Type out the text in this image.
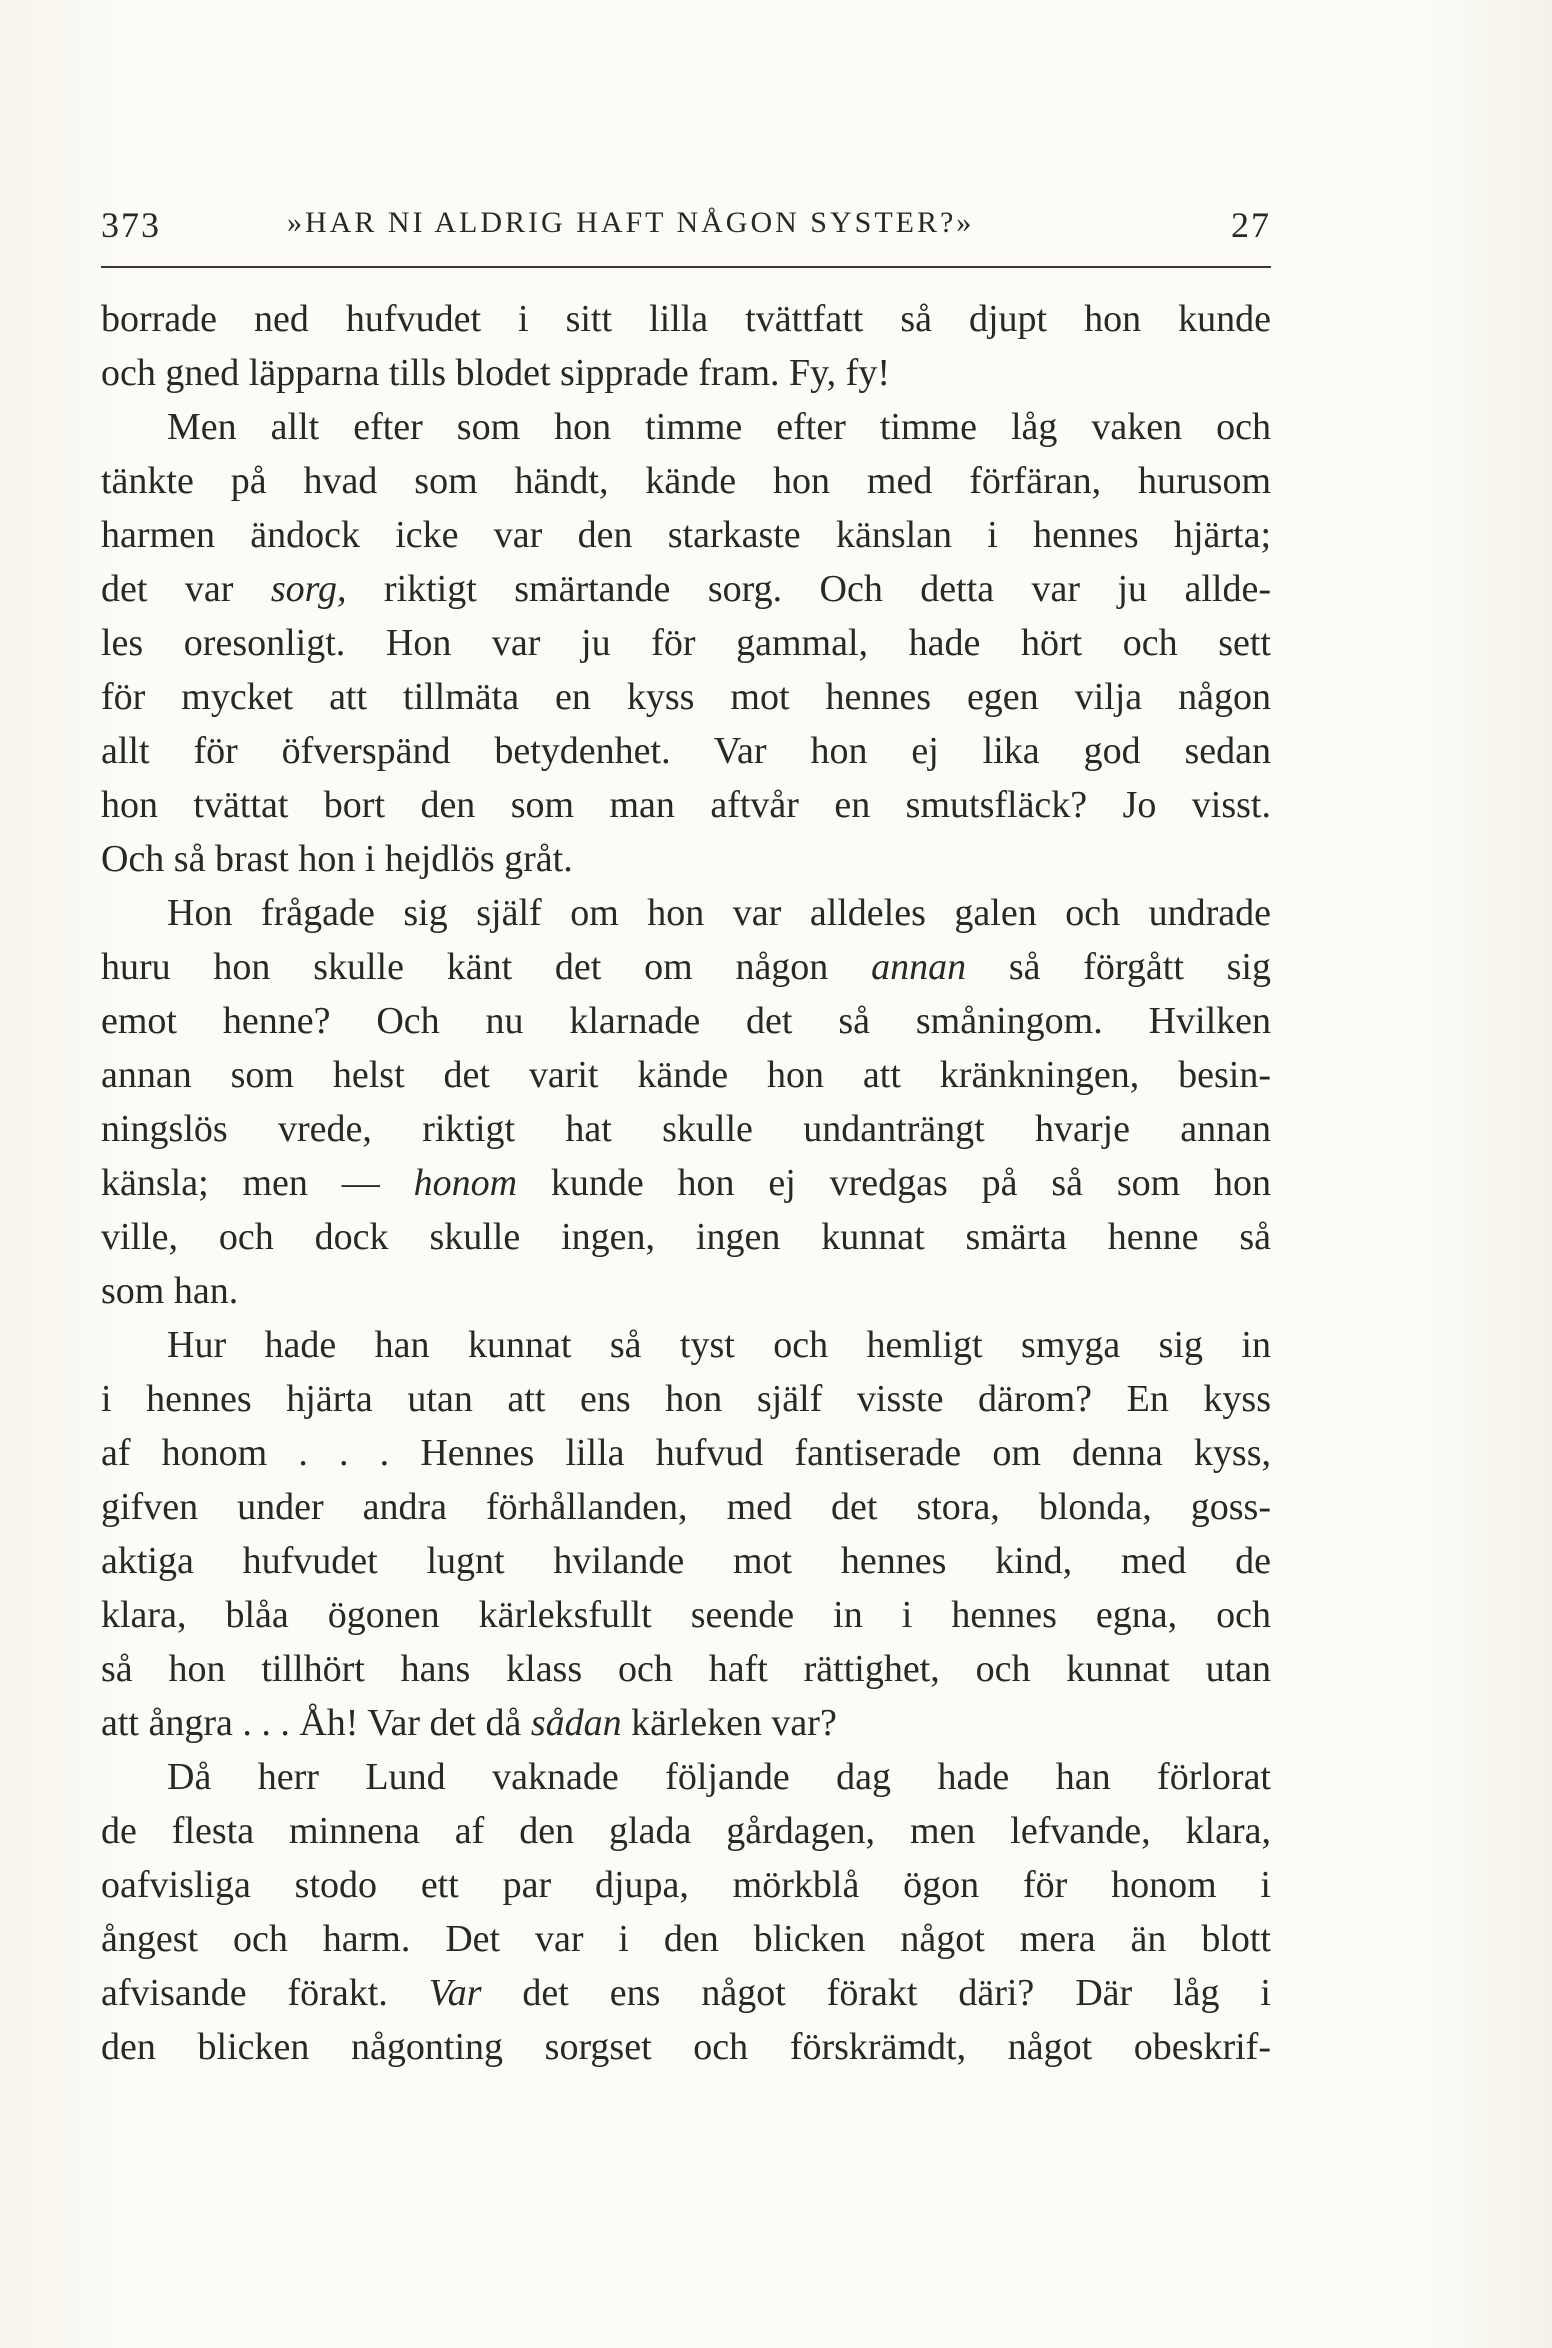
373	»HAR NI ALDRIG HAFT NÅGON SYSTER?»	27
borrade ned hufvudet i sitt lilla tvättfatt så djupt hon kunde
och gned läpparna tills blodet sipprade fram. Fy, fy!
Men allt efter som hon timme efter timme låg vaken och
tänkte på hvad som händt, kände hon med förfäran, hurusom
harmen ändock icke var den starkaste känslan i hennes hjärta;
det var sorg, riktigt smärtande sorg. Och detta var ju allde-
les oresonligt. Hon var ju för gammal, hade hört och sett
för mycket att tillmäta en kyss mot hennes egen vilja någon
allt för öfverspänd betydenhet. Var hon ej lika god sedan
hon tvättat bort den som man aftvår en smutsfläck? Jo visst.
Och så brast hon i hejdlös gråt.
Hon frågade sig själf om hon var alldeles galen och undrade
huru hon skulle känt det om någon annan så förgått sig
emot henne? Och nu klarnade det så småningom. Hvilken
annan som helst det varit kände hon att kränkningen, besin-
ningslös vrede, riktigt hat skulle undanträngt hvarje annan
känsla; men — honom kunde hon ej vredgas på så som hon
ville, och dock skulle ingen, ingen kunnat smärta henne så
som han.
Hur hade han kunnat så tyst och hemligt smyga sig in
i hennes hjärta utan att ens hon själf visste därom? En kyss
af honom . . . Hennes lilla hufvud fantiserade om denna kyss,
gifven under andra förhållanden, med det stora, blonda, goss-
aktiga hufvudet lugnt hvilande mot hennes kind, med de
klara, blåa ögonen kärleksfullt seende in i hennes egna, och
så hon tillhört hans klass och haft rättighet, och kunnat utan
att ångra . . . Åh! Var det då sådan kärleken var?
Då herr Lund vaknade följande dag hade han förlorat
de flesta minnena af den glada gårdagen, men lefvande, klara,
oafvisliga stodo ett par djupa, mörkblå ögon för honom i
ångest och harm. Det var i den blicken något mera än blott
afvisande förakt. Var det ens något förakt däri? Där låg i
den blicken någonting sorgset och förskrämdt, något obeskrif-
